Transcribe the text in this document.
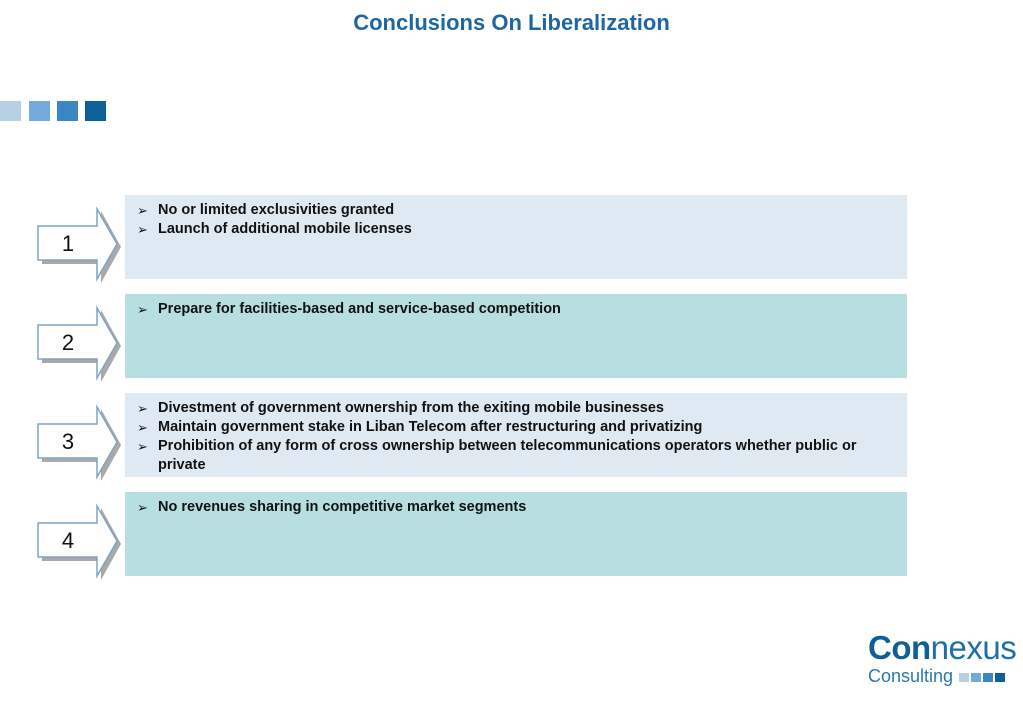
Conclusions On Liberalization
1
➢ No or limited exclusivities granted
➢ Launch of additional mobile licenses
2
➢ Prepare for facilities-based and service-based competition
3
➢ Divestment of government ownership from the exiting mobile businesses
➢ Maintain government stake in Liban Telecom after restructuring and privatizing
➢ Prohibition of any form of cross ownership between telecommunications operators whether public or private
4
➢ No revenues sharing in competitive market segments
Connexus
Consulting
